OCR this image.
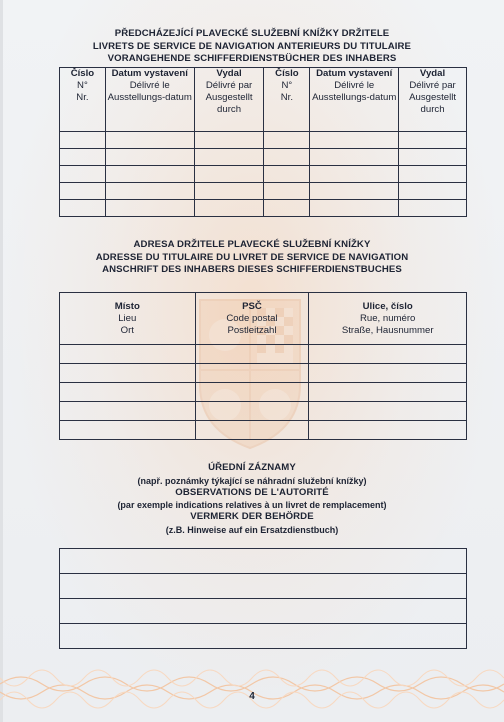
PŘEDCHÁZEJÍCÍ PLAVECKÉ SLUŽEBNÍ KNÍŽKY DRŽITELE
LIVRETS DE SERVICE DE NAVIGATION ANTERIEURS DU TITULAIRE
VORANGEHENDE SCHIFFERDIENSTBÜCHER DES INHABERS
Číslo
N°
Nr.	Datum vystavení
Délivré le
Ausstellungs-datum	Vydal
Délivré par
Ausgestellt durch	Číslo
N°
Nr.	Datum vystavení
Délivré le
Ausstellungs-datum	Vydal
Délivré par
Ausgestellt durch

ADRESA DRŽITELE PLAVECKÉ SLUŽEBNÍ KNÍŽKY
ADRESSE DU TITULAIRE DU LIVRET DE SERVICE DE NAVIGATION
ANSCHRIFT DES INHABERS DIESES SCHIFFERDIENSTBUCHES
Místo
Lieu
Ort	PSČ
Code postal
Postleitzahl	Ulice, číslo
Rue, numéro
Straße, Hausnummer

ÚŘEDNÍ ZÁZNAMY
(např. poznámky týkající se náhradní služební knížky)
OBSERVATIONS DE L'AUTORITÉ
(par exemple indications relatives à un livret de remplacement)
VERMERK DER BEHÖRDE
(z.B. Hinweise auf ein Ersatzdienstbuch)

4
